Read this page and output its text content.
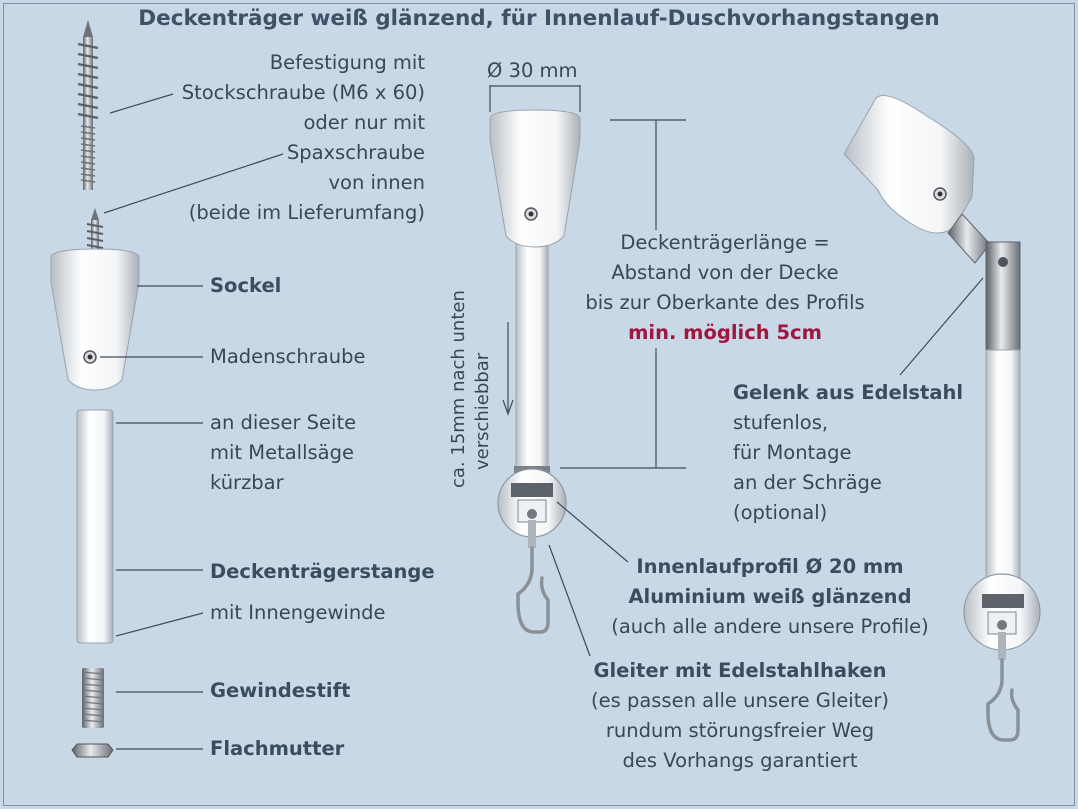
Deckenträger weiß glänzend, für Innenlauf-Duschvorhangstangen
Befestigung mit
Stockschraube (M6 x 60)
oder nur mit
Spaxschraube
von innen
(beide im Lieferumfang)
Sockel
Madenschraube
an dieser Seite
mit Metallsäge
kürzbar
Deckenträgerstange
mit Innengewinde
Gewindestift
Flachmutter
Ø 30 mm
ca. 15mm nach unten verschiebbar
Deckenträgerlänge =
Abstand von der Decke
bis zur Oberkante des Profils
min. möglich 5cm
Gelenk aus Edelstahl
stufenlos,
für Montage
an der Schräge
(optional)
Innenlaufprofil Ø 20 mm
Aluminium weiß glänzend
(auch alle andere unsere Profile)
Gleiter mit Edelstahlhaken
(es passen alle unsere Gleiter)
rundum störungsfreier Weg
des Vorhangs garantiert
